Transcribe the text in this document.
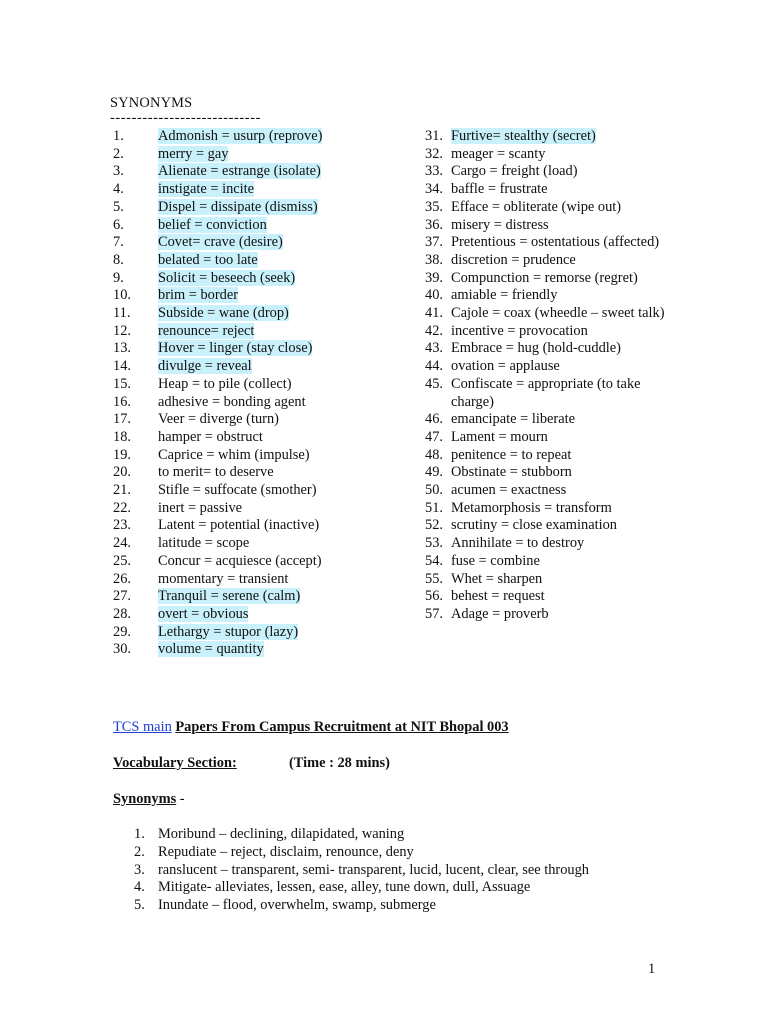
SYNONYMS
----------------------------
1. Admonish = usurp (reprove)
2. merry = gay
3. Alienate = estrange (isolate)
4. instigate = incite
5. Dispel = dissipate (dismiss)
6. belief = conviction
7. Covet= crave (desire)
8. belated = too late
9. Solicit = beseech (seek)
10. brim = border
11. Subside = wane (drop)
12. renounce= reject
13. Hover = linger (stay close)
14. divulge = reveal
15. Heap = to pile (collect)
16. adhesive = bonding agent
17. Veer = diverge (turn)
18. hamper = obstruct
19. Caprice = whim (impulse)
20. to merit= to deserve
21. Stifle = suffocate (smother)
22. inert = passive
23. Latent = potential (inactive)
24. latitude = scope
25. Concur = acquiesce (accept)
26. momentary = transient
27. Tranquil = serene (calm)
28. overt = obvious
29. Lethargy = stupor (lazy)
30. volume = quantity
31. Furtive= stealthy (secret)
32. meager = scanty
33. Cargo = freight (load)
34. baffle = frustrate
35. Efface = obliterate (wipe out)
36. misery = distress
37. Pretentious = ostentatious (affected)
38. discretion = prudence
39. Compunction = remorse (regret)
40. amiable = friendly
41. Cajole = coax (wheedle – sweet talk)
42. incentive = provocation
43. Embrace = hug (hold-cuddle)
44. ovation = applause
45. Confiscate = appropriate (to take charge)
46. emancipate = liberate
47. Lament = mourn
48. penitence = to repeat
49. Obstinate = stubborn
50. acumen = exactness
51. Metamorphosis = transform
52. scrutiny = close examination
53. Annihilate = to destroy
54. fuse = combine
55. Whet = sharpen
56. behest = request
57. Adage = proverb
TCS main Papers From Campus Recruitment at NIT Bhopal 003
Vocabulary Section:	(Time : 28 mins)
Synonyms -
1. Moribund – declining, dilapidated, waning
2. Repudiate – reject, disclaim, renounce, deny
3. ranslucent – transparent, semi- transparent, lucid, lucent, clear, see through
4. Mitigate- alleviates, lessen, ease, alley, tune down, dull, Assuage
5. Inundate – flood, overwhelm, swamp, submerge
1
